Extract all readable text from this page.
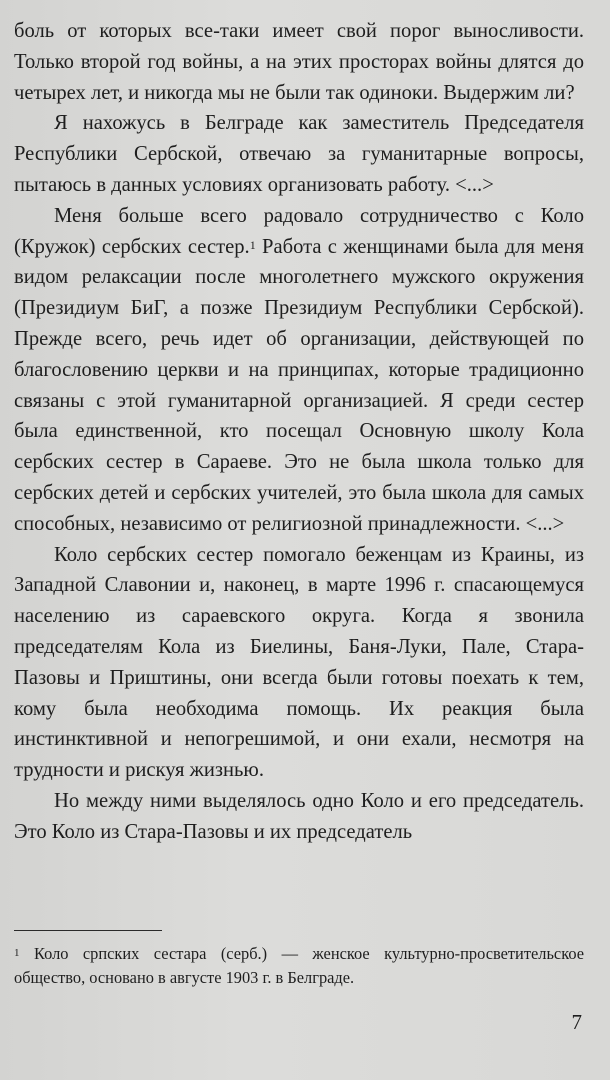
боль от которых все-таки имеет свой порог выносливости. Только второй год войны, а на этих просторах войны длятся до четырех лет, и никогда мы не были так одиноки. Выдержим ли?

Я нахожусь в Белграде как заместитель Председателя Республики Сербской, отвечаю за гуманитарные вопросы, пытаюсь в данных условиях организовать работу. <...>

Меня больше всего радовало сотрудничество с Коло (Кружок) сербских сестер.$^1$ Работа с женщинами была для меня видом релаксации после многолетнего мужского окружения (Президиум БиГ, а позже Президиум Республики Сербской). Прежде всего, речь идет об организации, действующей по благословению церкви и на принципах, которые традиционно связаны с этой гуманитарной организацией. Я среди сестер была единственной, кто посещал Основную школу Кола сербских сестер в Сараеве. Это не была школа только для сербских детей и сербских учителей, это была школа для самых способных, независимо от религиозной принадлежности. <...>

Коло сербских сестер помогало беженцам из Краины, из Западной Славонии и, наконец, в марте 1996 г. спасающемуся населению из сараевского округа. Когда я звонила председателям Кола из Биелины, Баня-Луки, Пале, Стара-Пазовы и Приштины, они всегда были готовы поехать к тем, кому была необходима помощь. Их реакция была инстинктивной и непогрешимой, и они ехали, несмотря на трудности и рискуя жизнью.

Но между ними выделялось одно Коло и его председатель. Это Коло из Стара-Пазовы и их председатель

$^1$ Коло српских сестара (серб.) — женское культурно-просветительское общество, основано в августе 1903 г. в Белграде.
7
